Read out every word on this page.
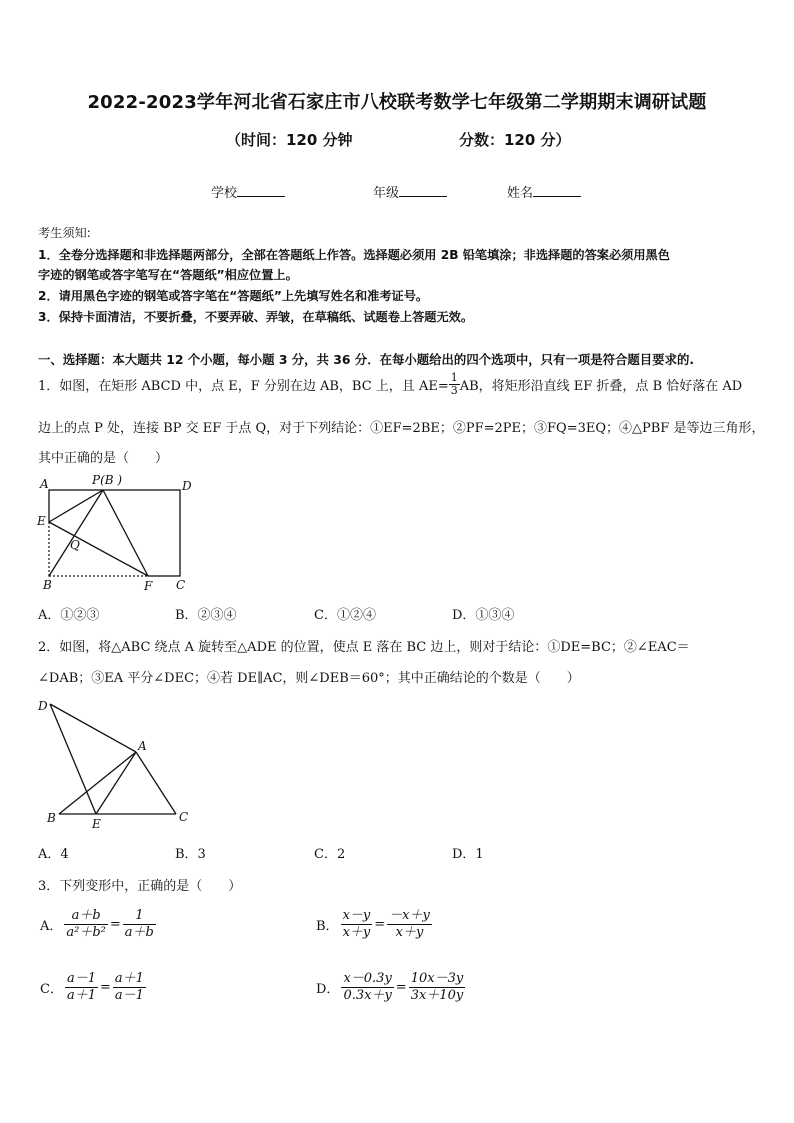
2022-2023学年河北省石家庄市八校联考数学七年级第二学期期末调研试题
（时间：120 分钟	分数：120 分）
学校	年级	姓名
考生须知:
1．全卷分选择题和非选择题两部分，全部在答题纸上作答。选择题必须用 2B 铅笔填涂；非选择题的答案必须用黑色
字迹的钢笔或答字笔写在“答题纸”相应位置上。
2．请用黑色字迹的钢笔或答字笔在“答题纸”上先填写姓名和准考证号。
3．保持卡面清洁，不要折叠，不要弄破、弄皱，在草稿纸、试题卷上答题无效。
一、选择题：本大题共 12 个小题，每小题 3 分，共 36 分．在每小题给出的四个选项中，只有一项是符合题目要求的.
1．如图，在矩形 ABCD 中，点 E，F 分别在边 AB，BC 上，且 $AE= \frac{1}{3}$ AB，将矩形沿直线 EF 折叠，点 B 恰好落在 AD
边上的点 P 处，连接 BP 交 EF 于点 Q，对于下列结论：①EF=2BE；②PF=2PE；③FQ=3EQ；④△PBF 是等边三角形，
其中正确的是（　　）
A	P(B )	D
E
Q
B	F C
A．①②③	B．②③④	C．①②④	D．①③④
2．如图，将△ABC 绕点 A 旋转至△ADE 的位置，使点 E 落在 BC 边上，则对于结论：①DE=BC；②∠EAC＝
∠DAB；③EA 平分∠DEC；④若 DE∥AC，则∠DEB＝60°；其中正确结论的个数是（　　）
D
A
B	E	C
A．4	B．3	C．2	D．1
3．下列变形中，正确的是（　　）
A． $\frac{a+b}{\text{a²＋b²}} = \frac{1}{a+b}$	B． $\frac{x-y}{x+y} = \frac{-x+y}{x+y}$
C． $\frac{a-1}{a+1} = \frac{a+1}{a-1}$	D． $\frac{x-0.3y}{0.3x+y} = \frac{10x-3y}{3x+10y}$
